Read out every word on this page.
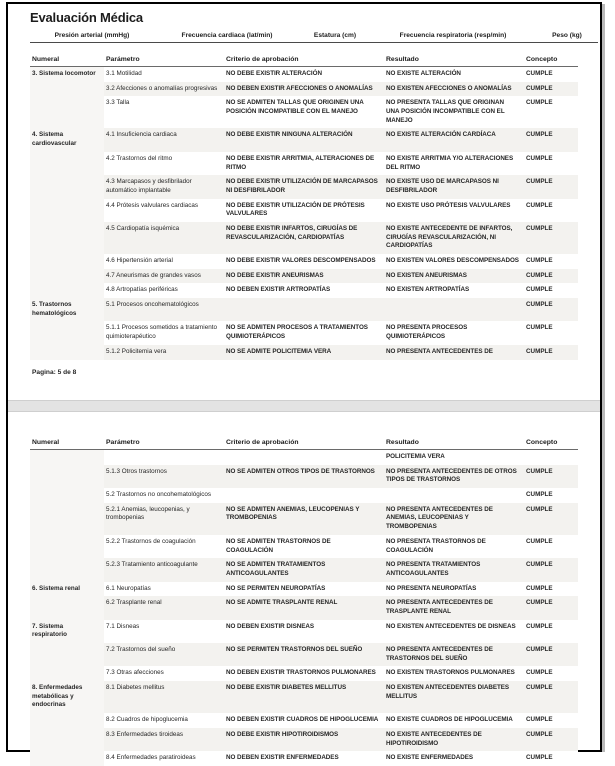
Evaluación Médica
Presión arterial (mmHg)	Frecuencia cardiaca (lat/min)	Estatura (cm)	Frecuencia respiratoria (resp/min)	Peso (kg)

Numeral	Parámetro	Criterio de aprobación	Resultado	Concepto
3. Sistema locomotor	3.1 Motilidad	NO DEBE EXISTIR ALTERACIÓN	NO EXISTE ALTERACIÓN	CUMPLE
	3.2 Afecciones o anomalías progresivas	NO DEBEN EXISTIR AFECCIONES O ANOMALÍAS	NO EXISTEN AFECCIONES O ANOMALÍAS	CUMPLE
	3.3 Talla	NO SE ADMITEN TALLAS QUE ORIGINEN UNA POSICIÓN INCOMPATIBLE CON EL MANEJO	NO PRESENTA TALLAS QUE ORIGINAN UNA POSICIÓN INCOMPATIBLE CON EL MANEJO	CUMPLE
4. Sistema cardiovascular	4.1 Insuficiencia cardiaca	NO DEBE EXISTIR NINGUNA ALTERACIÓN	NO EXISTE ALTERACIÓN CARDÍACA	CUMPLE
	4.2 Trastornos del ritmo	NO DEBE EXISTIR ARRITMIA, ALTERACIONES DE RITMO	NO EXISTE ARRITMIA Y/O ALTERACIONES DEL RITMO	CUMPLE
	4.3 Marcapasos y desfibrilador automático implantable	NO DEBE EXISTIR UTILIZACIÓN DE MARCAPASOS NI DESFIBRILADOR	NO EXISTE USO DE MARCAPASOS NI DESFIBRILADOR	CUMPLE
	4.4 Prótesis valvulares cardiacas	NO DEBE EXISTIR UTILIZACIÓN DE PRÓTESIS VALVULARES	NO EXISTE USO PRÓTESIS VALVULARES	CUMPLE
	4.5 Cardiopatía isquémica	NO DEBE EXISTIR INFARTOS, CIRUGÍAS DE REVASCULARIZACIÓN, CARDIOPATÍAS	NO EXISTE ANTECEDENTE DE INFARTOS, CIRUGÍAS REVASCULARIZACIÓN, NI CARDIOPATÍAS	CUMPLE
	4.6 Hipertensión arterial	NO DEBE EXISTIR VALORES DESCOMPENSADOS	NO EXISTEN VALORES DESCOMPENSADOS	CUMPLE
	4.7 Aneurismas de grandes vasos	NO DEBE EXISTIR ANEURISMAS	NO EXISTEN ANEURISMAS	CUMPLE
	4.8 Artropatías periféricas	NO DEBEN EXISTIR ARTROPATÍAS	NO EXISTEN ARTROPATÍAS	CUMPLE
5. Trastornos hematológicos	5.1 Procesos oncohematológicos			CUMPLE
	5.1.1 Procesos sometidos a tratamiento quimioterapéutico	NO SE ADMITEN PROCESOS A TRATAMIENTOS QUIMIOTERÁPICOS	NO PRESENTA PROCESOS QUIMIOTERÁPICOS	CUMPLE
	5.1.2 Policitemia vera	NO SE ADMITE POLICITEMIA VERA	NO PRESENTA ANTECEDENTES DE	CUMPLE
Pagina: 5 de 8
Numeral	Parámetro	Criterio de aprobación	Resultado	Concepto
			POLICITEMIA VERA	
	5.1.3 Otros trastornos	NO SE ADMITEN OTROS TIPOS DE TRASTORNOS	NO PRESENTA ANTECEDENTES DE OTROS TIPOS DE TRASTORNOS	CUMPLE
	5.2 Trastornos no oncohematológicos			CUMPLE
	5.2.1 Anemias, leucopenias, y trombopenias	NO SE ADMITEN ANEMIAS, LEUCOPENIAS Y TROMBOPENIAS	NO PRESENTA ANTECEDENTES DE ANEMIAS, LEUCOPENIAS Y TROMBOPENIAS	CUMPLE
	5.2.2 Trastornos de coagulación	NO SE ADMITEN TRASTORNOS DE COAGULACIÓN	NO PRESENTA TRASTORNOS DE COAGULACIÓN	CUMPLE
	5.2.3 Tratamiento anticoagulante	NO SE ADMITEN TRATAMIENTOS ANTICOAGULANTES	NO PRESENTA TRATAMIENTOS ANTICOAGULANTES	CUMPLE
6. Sistema renal	6.1 Neuropatías	NO SE PERMITEN NEUROPATÍAS	NO PRESENTA NEUROPATÍAS	CUMPLE
	6.2 Trasplante renal	NO SE ADMITE TRASPLANTE RENAL	NO PRESENTA ANTECEDENTES DE TRASPLANTE RENAL	CUMPLE
7. Sistema respiratorio	7.1 Disneas	NO DEBEN EXISTIR DISNEAS	NO EXISTEN ANTECEDENTES DE DISNEAS	CUMPLE
	7.2 Trastornos del sueño	NO SE PERMITEN TRASTORNOS DEL SUEÑO	NO PRESENTA ANTECEDENTES DE TRASTORNOS DEL SUEÑO	CUMPLE
	7.3 Otras afecciones	NO DEBEN EXISTIR TRASTORNOS PULMONARES	NO EXISTEN TRASTORNOS PULMONARES	CUMPLE
8. Enfermedades metabólicas y endocrinas	8.1 Diabetes mellitus	NO DEBE EXISTIR DIABETES MELLITUS	NO EXISTEN ANTECEDENTES DIABETES MELLITUS	CUMPLE
	8.2 Cuadros de hipoglucemia	NO DEBEN EXISTIR CUADROS DE HIPOGLUCEMIA	NO EXISTE CUADROS DE HIPOGLUCEMIA	CUMPLE
	8.3 Enfermedades tiroideas	NO DEBE EXISTIR HIPOTIROIDISMOS	NO EXISTE ANTECEDENTES DE HIPOTIROIDISMO	CUMPLE
	8.4 Enfermedades paratiroideas	NO DEBEN EXISTIR ENFERMEDADES	NO EXISTE ENFERMEDADES	CUMPLE
